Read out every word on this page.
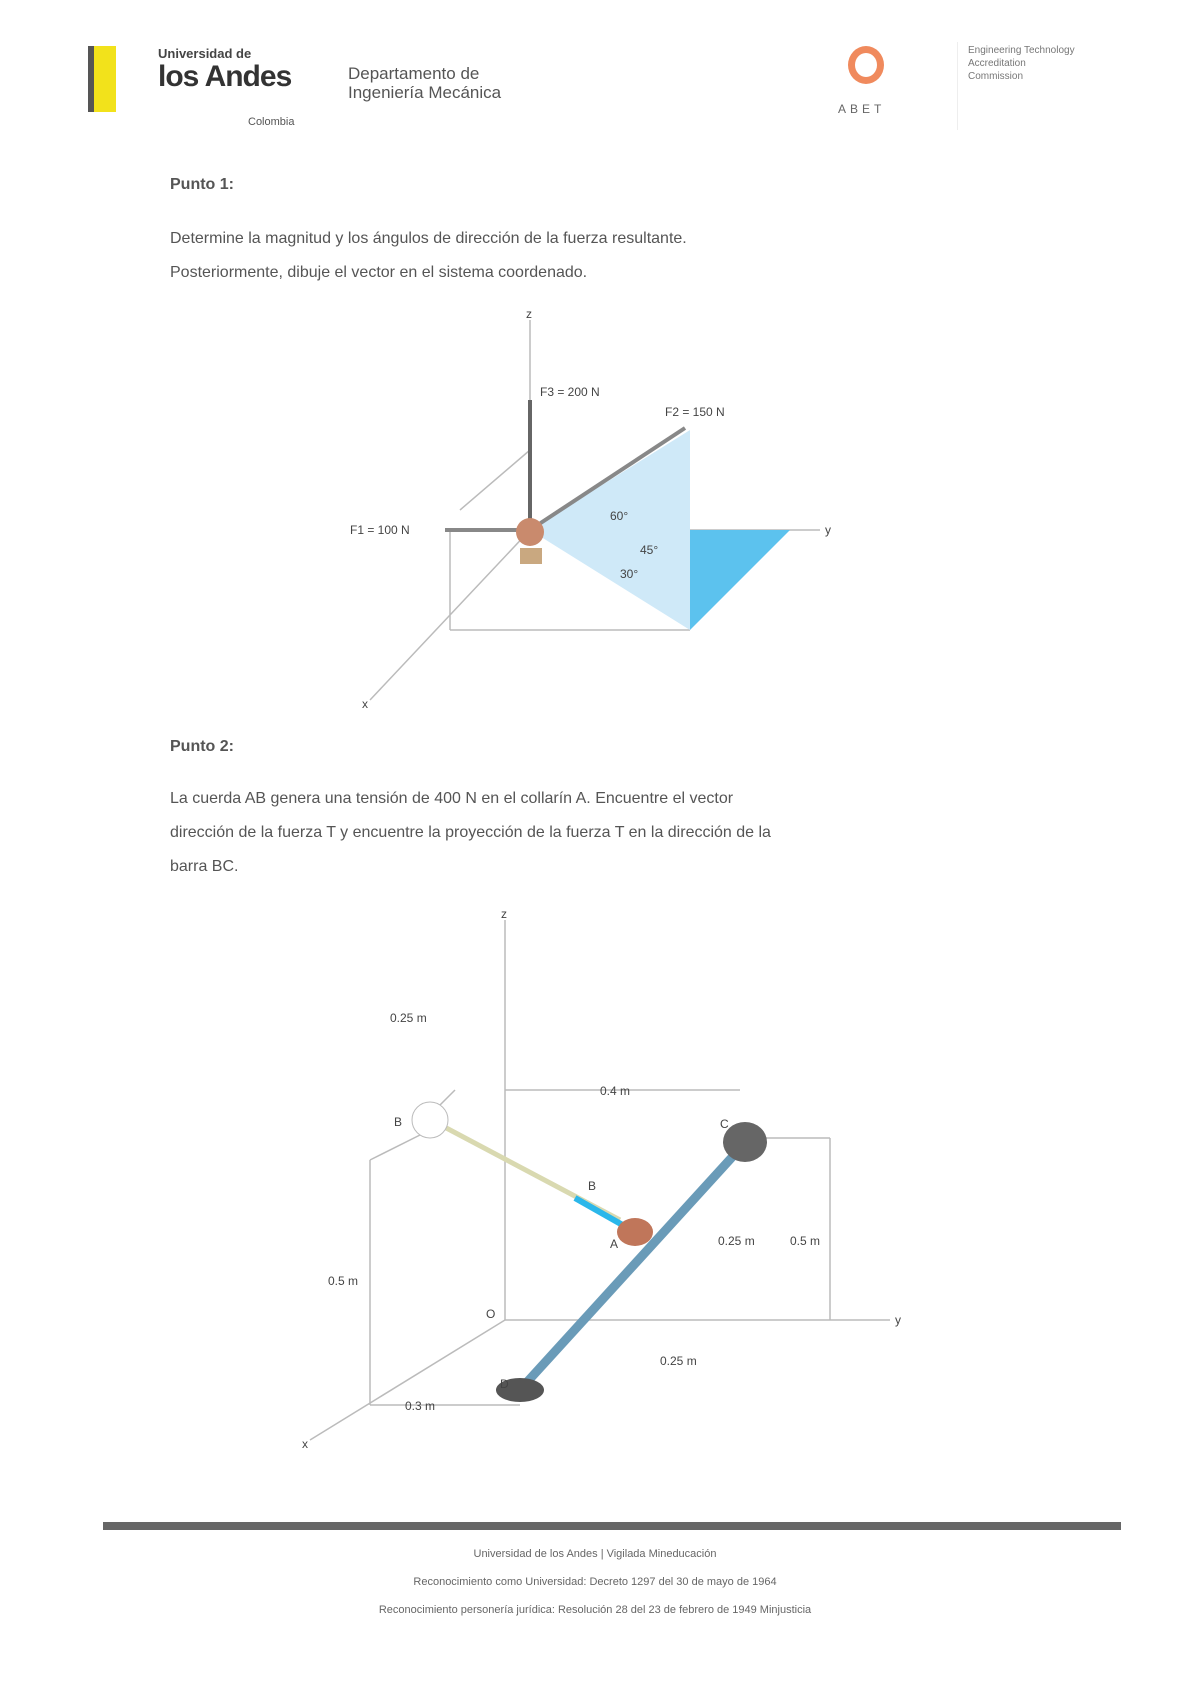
Universidad de
los Andes
Colombia
Departamento de
Ingeniería Mecánica
ABET
Engineering Technology Accreditation Commission
Punto 1:
Determine la magnitud y los ángulos de dirección de la fuerza resultante.
Posteriormente, dibuje el vector en el sistema coordenado.
F3 = 200 N
F2 = 150 N
F1 = 100 N
60°
45°
30°
y
z
x
Punto 2:
La cuerda AB genera una tensión de 400 N en el collarín A. Encuentre el vector
dirección de la fuerza T y encuentre la proyección de la fuerza T en la dirección de la
barra BC.
0.25 m
0.4 m
0.5 m
0.25 m	0.5 m
0.25 m
0.3 m
B	C
A
D
O
B
y
z
x
Universidad de los Andes | Vigilada Mineducación
Reconocimiento como Universidad: Decreto 1297 del 30 de mayo de 1964
Reconocimiento personería jurídica: Resolución 28 del 23 de febrero de 1949 Minjusticia
